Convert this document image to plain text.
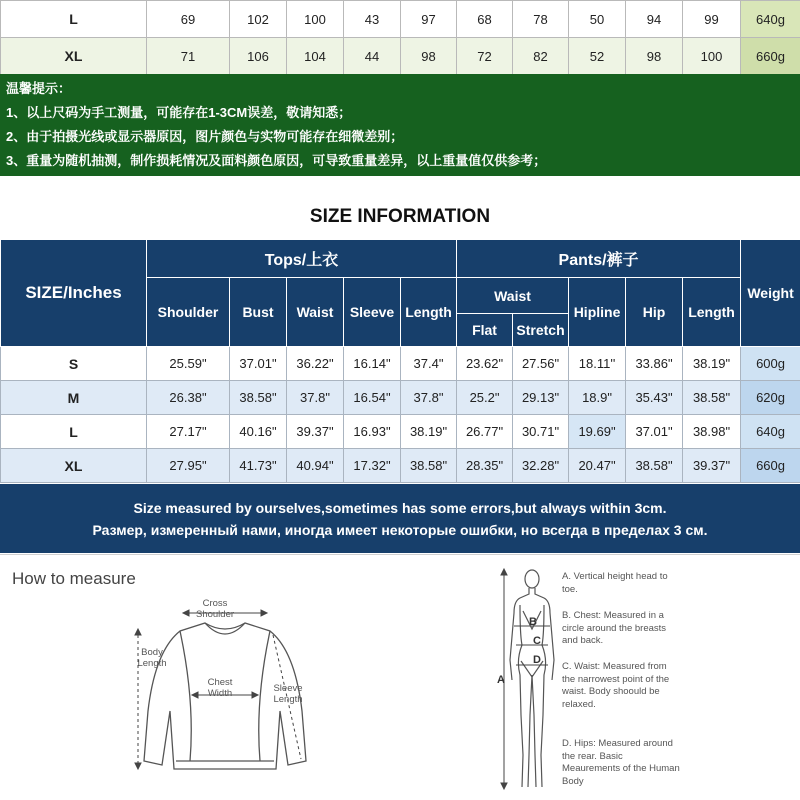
L	69	102	100	43	97	68	78	50	94	99	640g
XL	71	106	104	44	98	72	82	52	98	100	660g
温馨提示：
1、以上尺码为手工测量，可能存在1-3CM误差，敬请知悉；
2、由于拍摄光线或显示器原因，图片颜色与实物可能存在细微差别；
3、重量为随机抽测，制作损耗情况及面料颜色原因，可导致重量差异，以上重量值仅供参考；
SIZE INFORMATION
SIZE/Inches	Tops/上衣					Pants/裤子					Weight
	Shoulder	Bust	Waist	Sleeve	Length	Waist		Hipline	Hip	Length	
						Flat	Stretch				
S	25.59"	37.01"	36.22"	16.14"	37.4"	23.62"	27.56"	18.11''	33.86"	38.19"	600g
M	26.38"	38.58"	37.8"	16.54"	37.8"	25.2"	29.13"	18.9"	35.43"	38.58"	620g
L	27.17"	40.16"	39.37"	16.93"	38.19"	26.77"	30.71"	19.69"	37.01"	38.98"	640g
XL	27.95"	41.73"	40.94"	17.32"	38.58"	28.35"	32.28"	20.47"	38.58"	39.37"	660g
Size measured by ourselves,sometimes has some errors,but always within 3cm.
Размер, измеренный нами, иногда имеет некоторые ошибки, но всегда в пределах 3 см.
How to measure
Cross Shoulder
Body Length
Chest Width	Sleeve Length
A
B
C
D
A. Vertical height head to toe.
B. Chest: Measured in a circle around the breasts and back.
C. Waist: Measured from the narrowest point of the waist. Body shoould be relaxed.
D. Hips: Measured around the rear. Basic Meaurements of the Human Body
